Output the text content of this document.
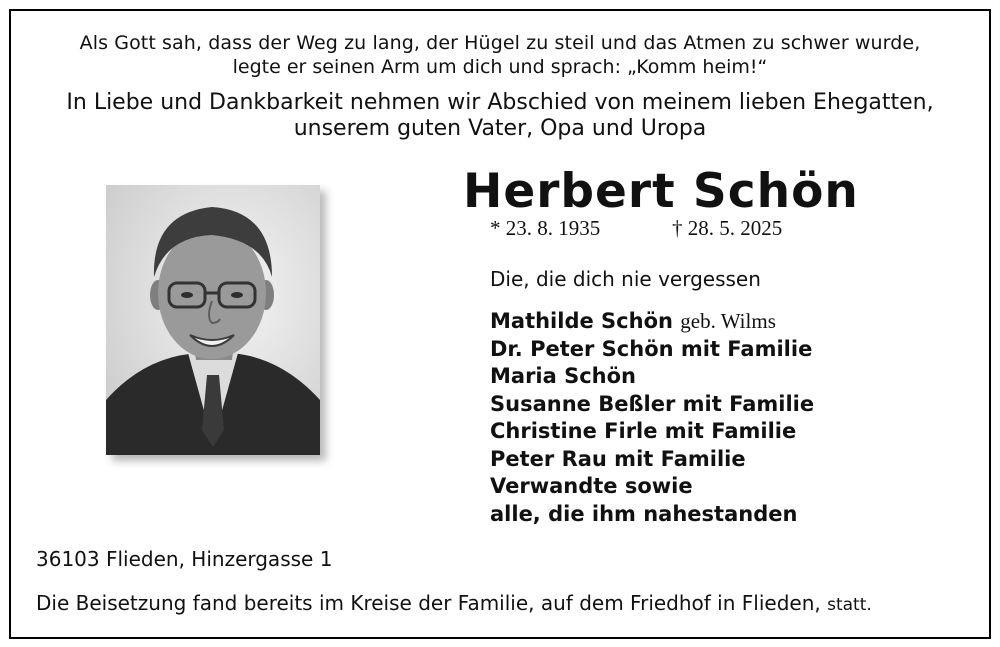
Als Gott sah, dass der Weg zu lang, der Hügel zu steil und das Atmen zu schwer wurde,
legte er seinen Arm um dich und sprach: „Komm heim!“
In Liebe und Dankbarkeit nehmen wir Abschied von meinem lieben Ehegatten,
unserem guten Vater, Opa und Uropa
Herbert Schön
* 23. 8. 1935	† 28. 5. 2025
Die, die dich nie vergessen
Mathilde Schön geb. Wilms
Dr. Peter Schön mit Familie
Maria Schön
Susanne Beßler mit Familie
Christine Firle mit Familie
Peter Rau mit Familie
Verwandte sowie
alle, die ihm nahestanden
36103 Flieden, Hinzergasse 1
Die Beisetzung fand bereits im Kreise der Familie, auf dem Friedhof in Flieden, statt.
